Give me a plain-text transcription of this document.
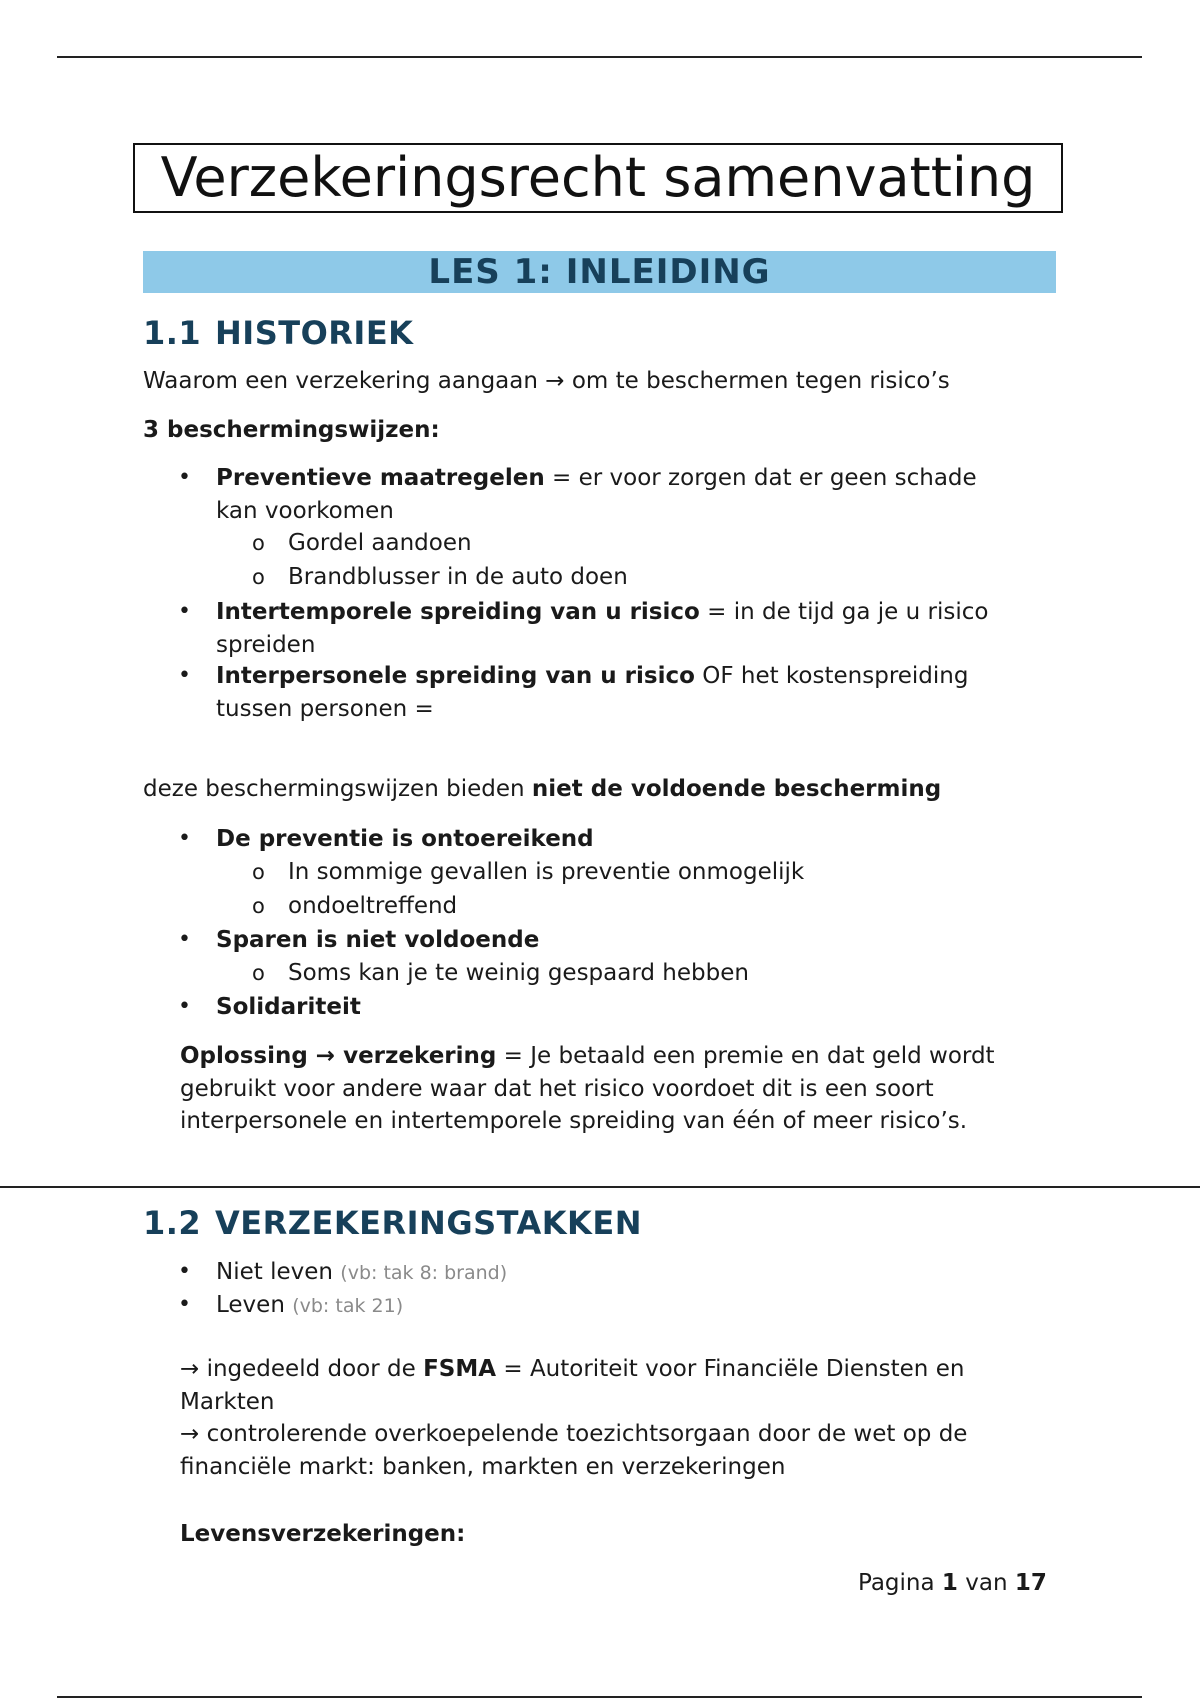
Verzekeringsrecht samenvatting
LES 1: INLEIDING
1.1 HISTORIEK
Waarom een verzekering aangaan → om te beschermen tegen risico’s
3 beschermingswijzen:
• Preventieve maatregelen = er voor zorgen dat er geen schade
kan voorkomen
o Gordel aandoen
o Brandblusser in de auto doen
• Intertemporele spreiding van u risico = in de tijd ga je u risico
spreiden
• Interpersonele spreiding van u risico OF het kostenspreiding
tussen personen =
deze beschermingswijzen bieden niet de voldoende bescherming
• De preventie is ontoereikend
o In sommige gevallen is preventie onmogelijk
o ondoeltreffend
• Sparen is niet voldoende
o Soms kan je te weinig gespaard hebben
• Solidariteit
Oplossing → verzekering = Je betaald een premie en dat geld wordt
gebruikt voor andere waar dat het risico voordoet dit is een soort
interpersonele en intertemporele spreiding van één of meer risico’s.
1.2 VERZEKERINGSTAKKEN
• Niet leven (vb: tak 8: brand)
• Leven (vb: tak 21)
→ ingedeeld door de FSMA = Autoriteit voor Financiële Diensten en
Markten
→ controlerende overkoepelende toezichtsorgaan door de wet op de
financiële markt: banken, markten en verzekeringen
Levensverzekeringen:
Pagina 1 van 17
